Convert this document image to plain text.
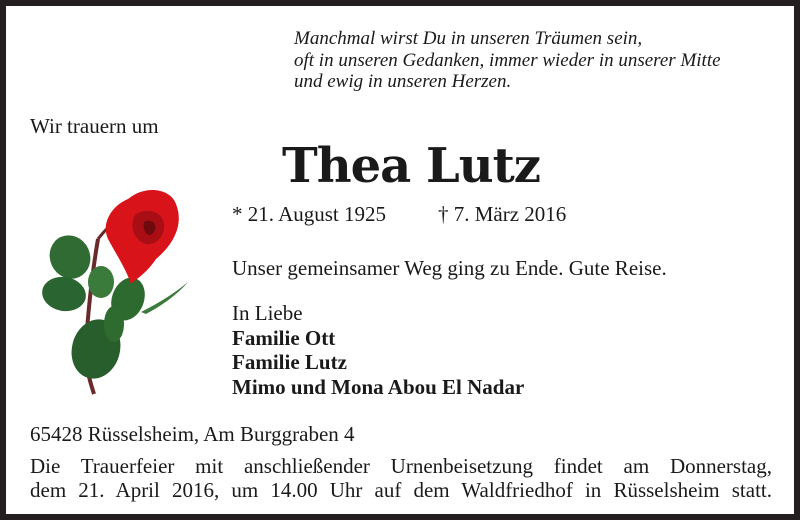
Manchmal wirst Du in unseren Träumen sein,
oft in unseren Gedanken, immer wieder in unserer Mitte
und ewig in unseren Herzen.
Wir trauern um
Thea Lutz
* 21. August 1925 † 7. März 2016
Unser gemeinsamer Weg ging zu Ende. Gute Reise.
In Liebe
Familie Ott
Familie Lutz
Mimo und Mona Abou El Nadar
65428 Rüsselsheim, Am Burggraben 4
Die Trauerfeier mit anschließender Urnenbeisetzung findet am Donnerstag,
dem 21. April 2016, um 14.00 Uhr auf dem Waldfriedhof in Rüsselsheim statt.
